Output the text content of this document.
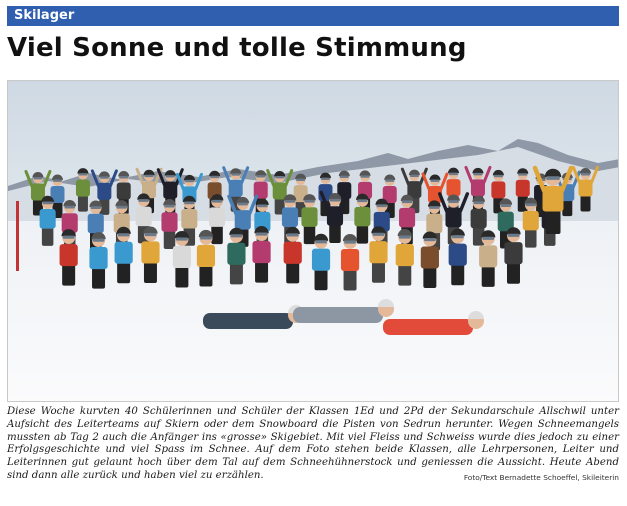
Skilager
Viel Sonne und tolle Stimmung

Diese Woche kurvten 40 Schülerinnen und Schüler der Klassen 1Ed und 2Pd der Sekundarschule Allschwil unter Aufsicht des Leiterteams auf Skiern oder dem Snowboard die Pisten von Sedrun herunter. Wegen Schneemangels mussten ab Tag 2 auch die Anfänger ins «grosse» Skigebiet. Mit viel Fleiss und Schweiss wurde dies jedoch zu einer Erfolgsgeschichte und viel Spass im Schnee. Auf dem Foto stehen beide Klassen, alle Lehrpersonen, Leiter und Leiterinnen gut gelaunt hoch über dem Tal auf dem Schneehühnerstock und geniessen die Aussicht. Heute Abend sind dann alle zurück und haben viel zu erzählen.	Foto/Text Bernadette Schoeffel, Skileiterin
